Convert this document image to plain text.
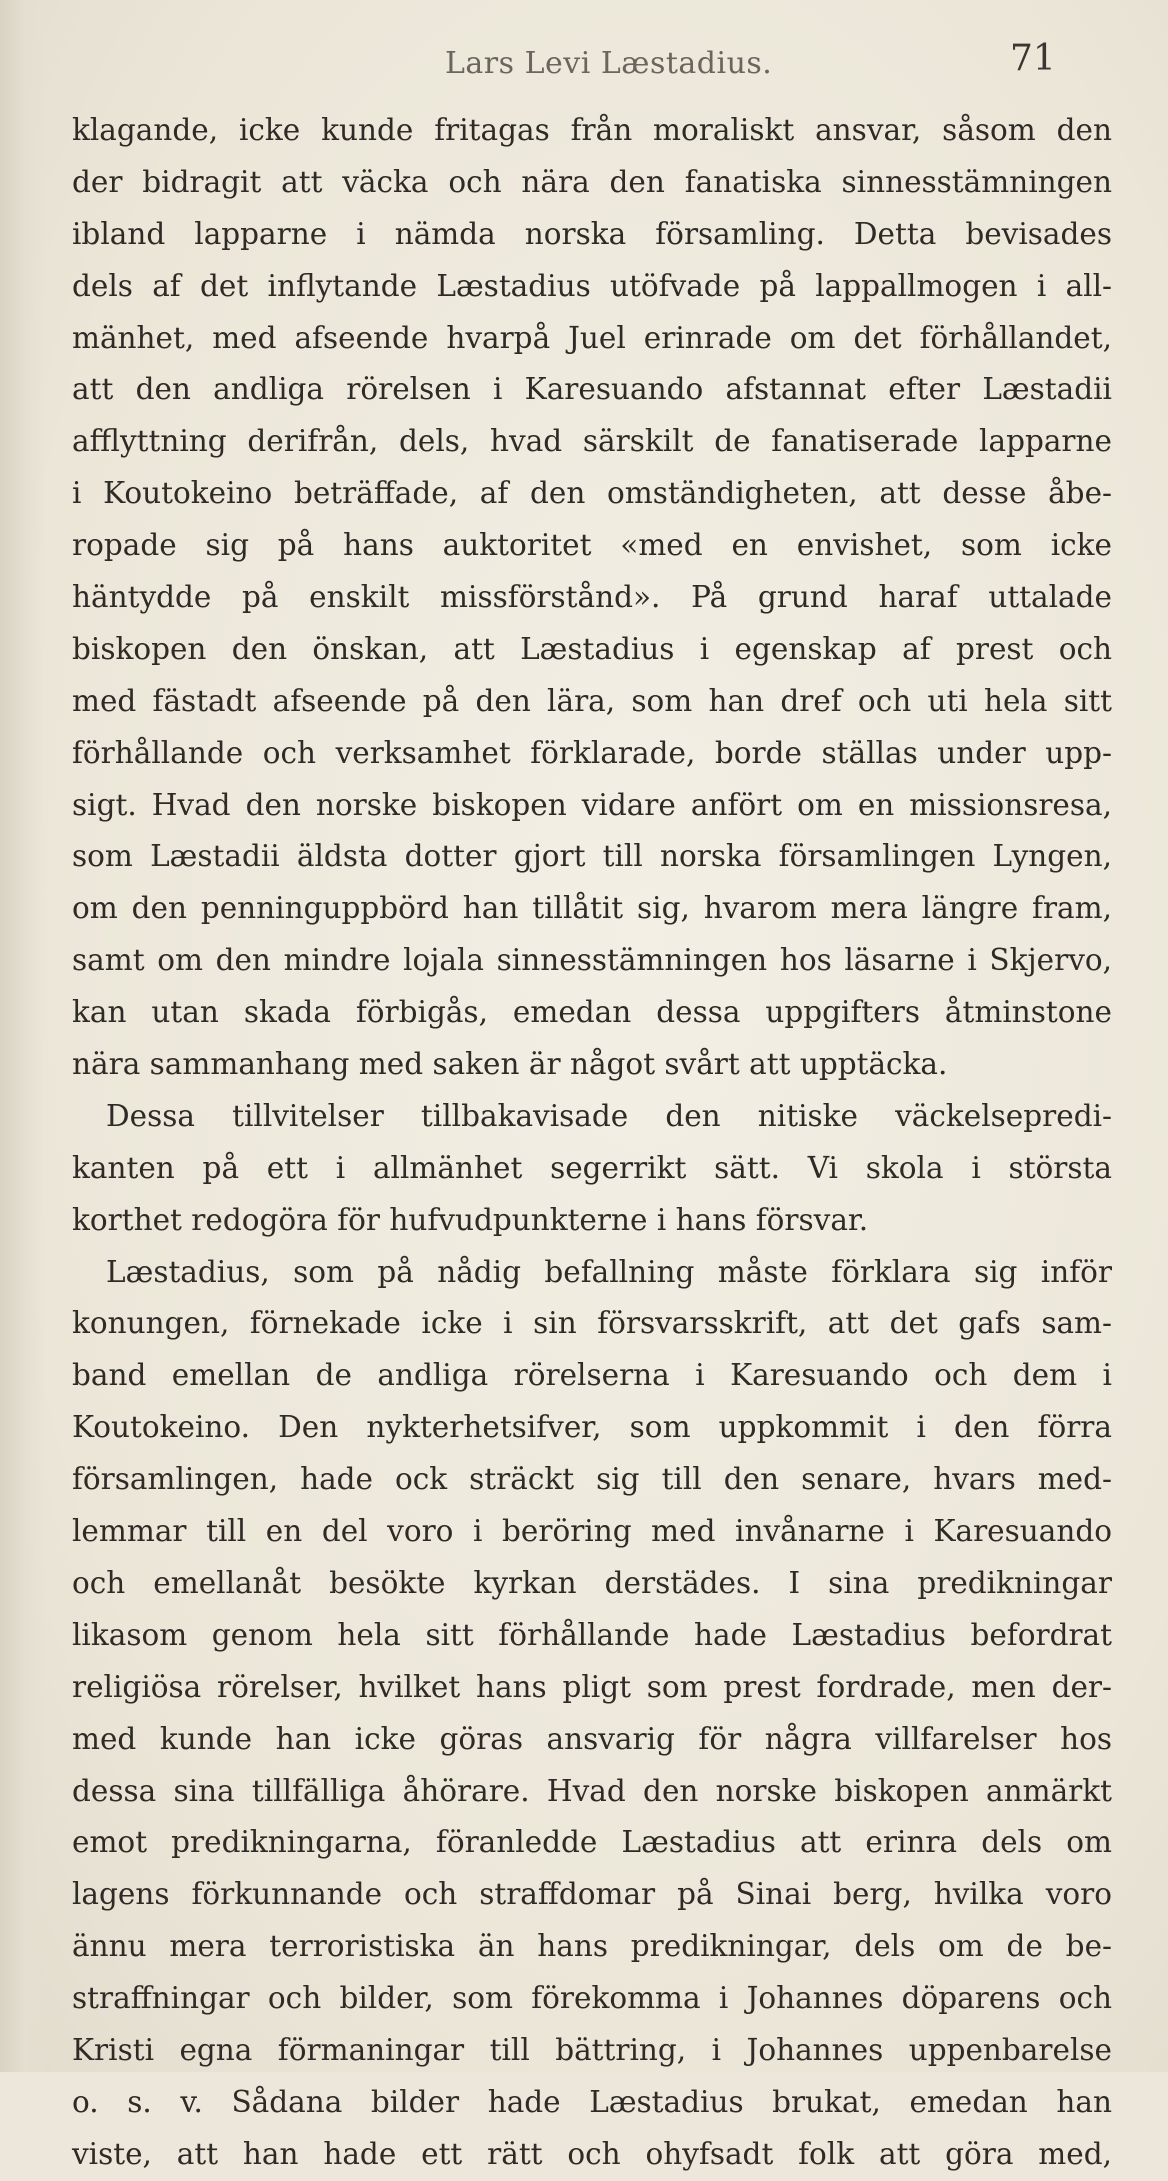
Lars Levi Læstadius.	71
klagande, icke kunde fritagas från moraliskt ansvar, såsom den
der bidragit att väcka och nära den fanatiska sinnesstämningen
ibland lapparne i nämda norska församling. Detta bevisades
dels af det inflytande Læstadius utöfvade på lappallmogen i all-
mänhet, med afseende hvarpå Juel erinrade om det förhållandet,
att den andliga rörelsen i Karesuando afstannat efter Læstadii
afflyttning derifrån, dels, hvad särskilt de fanatiserade lapparne
i Koutokeino beträffade, af den omständigheten, att desse åbe-
ropade sig på hans auktoritet «med en envishet, som icke
häntydde på enskilt missförstånd». På grund haraf uttalade
biskopen den önskan, att Læstadius i egenskap af prest och
med fästadt afseende på den lära, som han dref och uti hela sitt
förhållande och verksamhet förklarade, borde ställas under upp-
sigt. Hvad den norske biskopen vidare anfört om en missionsresa,
som Læstadii äldsta dotter gjort till norska församlingen Lyngen,
om den penninguppbörd han tillåtit sig, hvarom mera längre fram,
samt om den mindre lojala sinnesstämningen hos läsarne i Skjervo,
kan utan skada förbigås, emedan dessa uppgifters åtminstone
nära sammanhang med saken är något svårt att upptäcka.
Dessa tillvitelser tillbakavisade den nitiske väckelsepredi-
kanten på ett i allmänhet segerrikt sätt. Vi skola i största
korthet redogöra för hufvudpunkterne i hans försvar.
Læstadius, som på nådig befallning måste förklara sig inför
konungen, förnekade icke i sin försvarsskrift, att det gafs sam-
band emellan de andliga rörelserna i Karesuando och dem i
Koutokeino. Den nykterhetsifver, som uppkommit i den förra
församlingen, hade ock sträckt sig till den senare, hvars med-
lemmar till en del voro i beröring med invånarne i Karesuando
och emellanåt besökte kyrkan derstädes. I sina predikningar
likasom genom hela sitt förhållande hade Læstadius befordrat
religiösa rörelser, hvilket hans pligt som prest fordrade, men der-
med kunde han icke göras ansvarig för några villfarelser hos
dessa sina tillfälliga åhörare. Hvad den norske biskopen anmärkt
emot predikningarna, föranledde Læstadius att erinra dels om
lagens förkunnande och straffdomar på Sinai berg, hvilka voro
ännu mera terroristiska än hans predikningar, dels om de be-
straffningar och bilder, som förekomma i Johannes döparens och
Kristi egna förmaningar till bättring, i Johannes uppenbarelse
o. s. v. Sådana bilder hade Læstadius brukat, emedan han
viste, att han hade ett rätt och ohyfsadt folk att göra med,
